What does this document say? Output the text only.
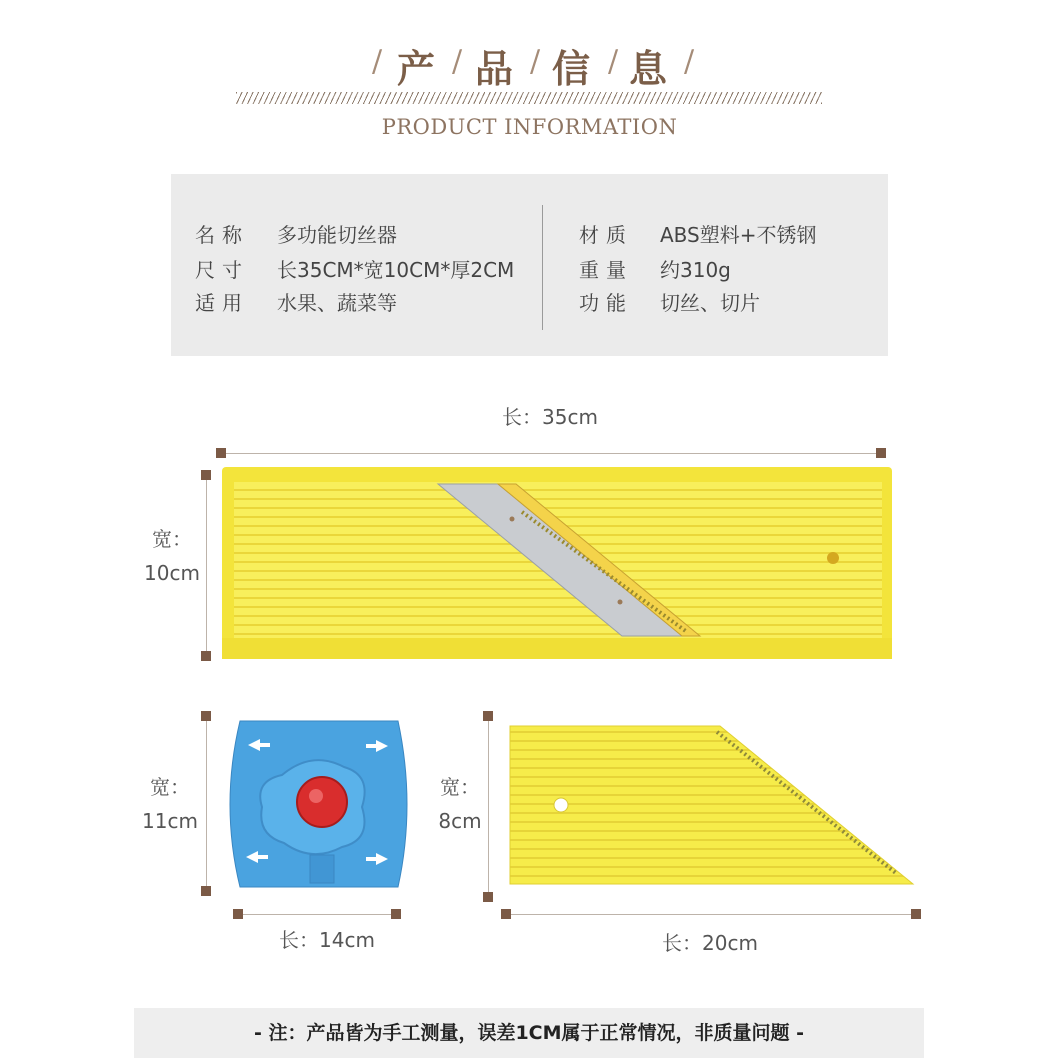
/ 产 / 品 / 信 / 息 /
PRODUCT INFORMATION
名称 多功能切丝器
尺寸 长35CM*宽10CM*厚2CM
适用 水果、蔬菜等
材质 ABS塑料+不锈钢
重量 约310g
功能 切丝、切片
长：35cm
宽：
10cm
宽：
11cm
长：14cm
宽：
8cm
长：20cm
- 注：产品皆为手工测量，误差1CM属于正常情况，非质量问题 -
